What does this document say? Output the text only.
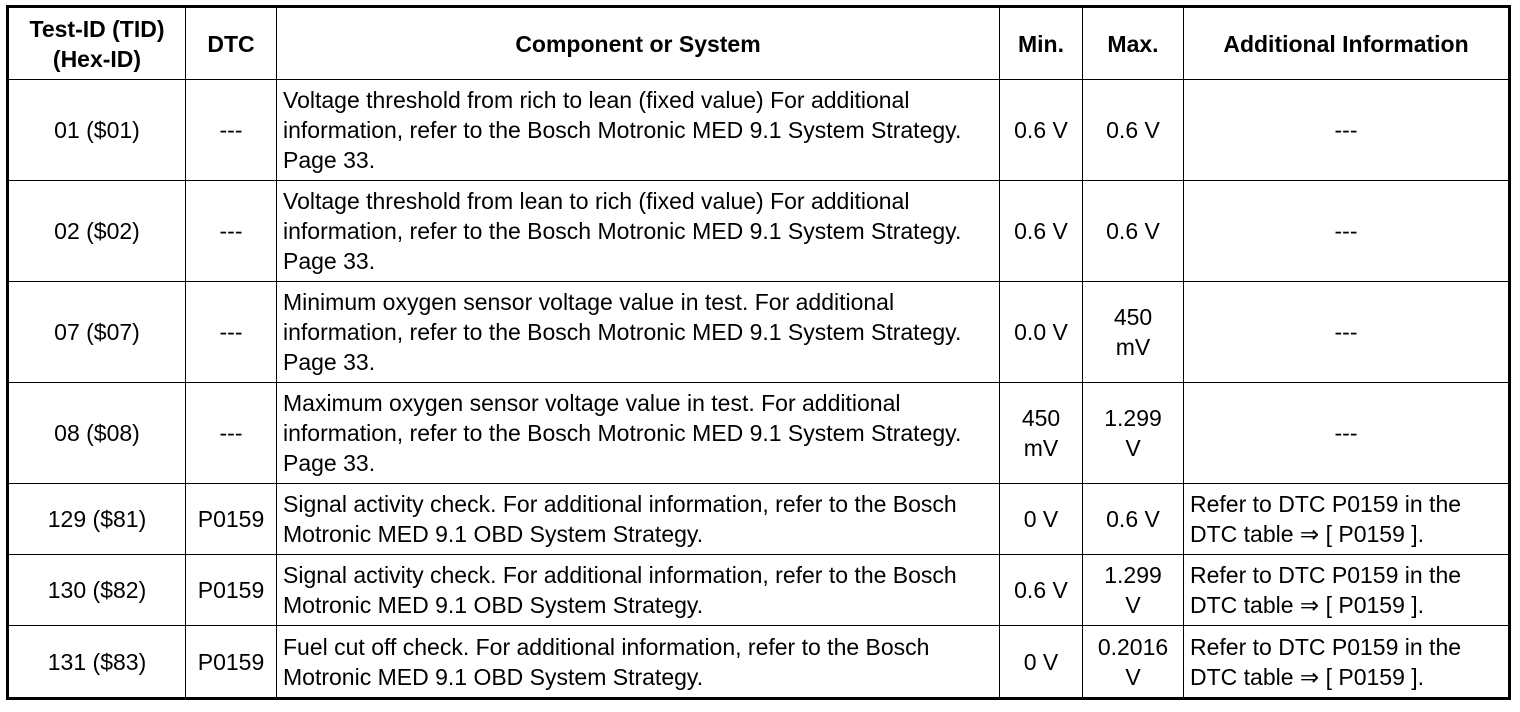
Test-ID (TID) (Hex-ID)	DTC	Component or System	Min.	Max.	Additional Information
01 ($01)	---	Voltage threshold from rich to lean (fixed value) For additional information, refer to the Bosch Motronic MED 9.1 System Strategy. Page 33.	0.6 V	0.6 V	---
02 ($02)	---	Voltage threshold from lean to rich (fixed value) For additional information, refer to the Bosch Motronic MED 9.1 System Strategy. Page 33.	0.6 V	0.6 V	---
07 ($07)	---	Minimum oxygen sensor voltage value in test. For additional information, refer to the Bosch Motronic MED 9.1 System Strategy. Page 33.	0.0 V	450 mV	---
08 ($08)	---	Maximum oxygen sensor voltage value in test. For additional information, refer to the Bosch Motronic MED 9.1 System Strategy. Page 33.	450 mV	1.299 V	---
129 ($81)	P0159	Signal activity check. For additional information, refer to the Bosch Motronic MED 9.1 OBD System Strategy.	0 V	0.6 V	Refer to DTC P0159 in the DTC table ⇒ [ P0159 ].
130 ($82)	P0159	Signal activity check. For additional information, refer to the Bosch Motronic MED 9.1 OBD System Strategy.	0.6 V	1.299 V	Refer to DTC P0159 in the DTC table ⇒ [ P0159 ].
131 ($83)	P0159	Fuel cut off check. For additional information, refer to the Bosch Motronic MED 9.1 OBD System Strategy.	0 V	0.2016 V	Refer to DTC P0159 in the DTC table ⇒ [ P0159 ].
